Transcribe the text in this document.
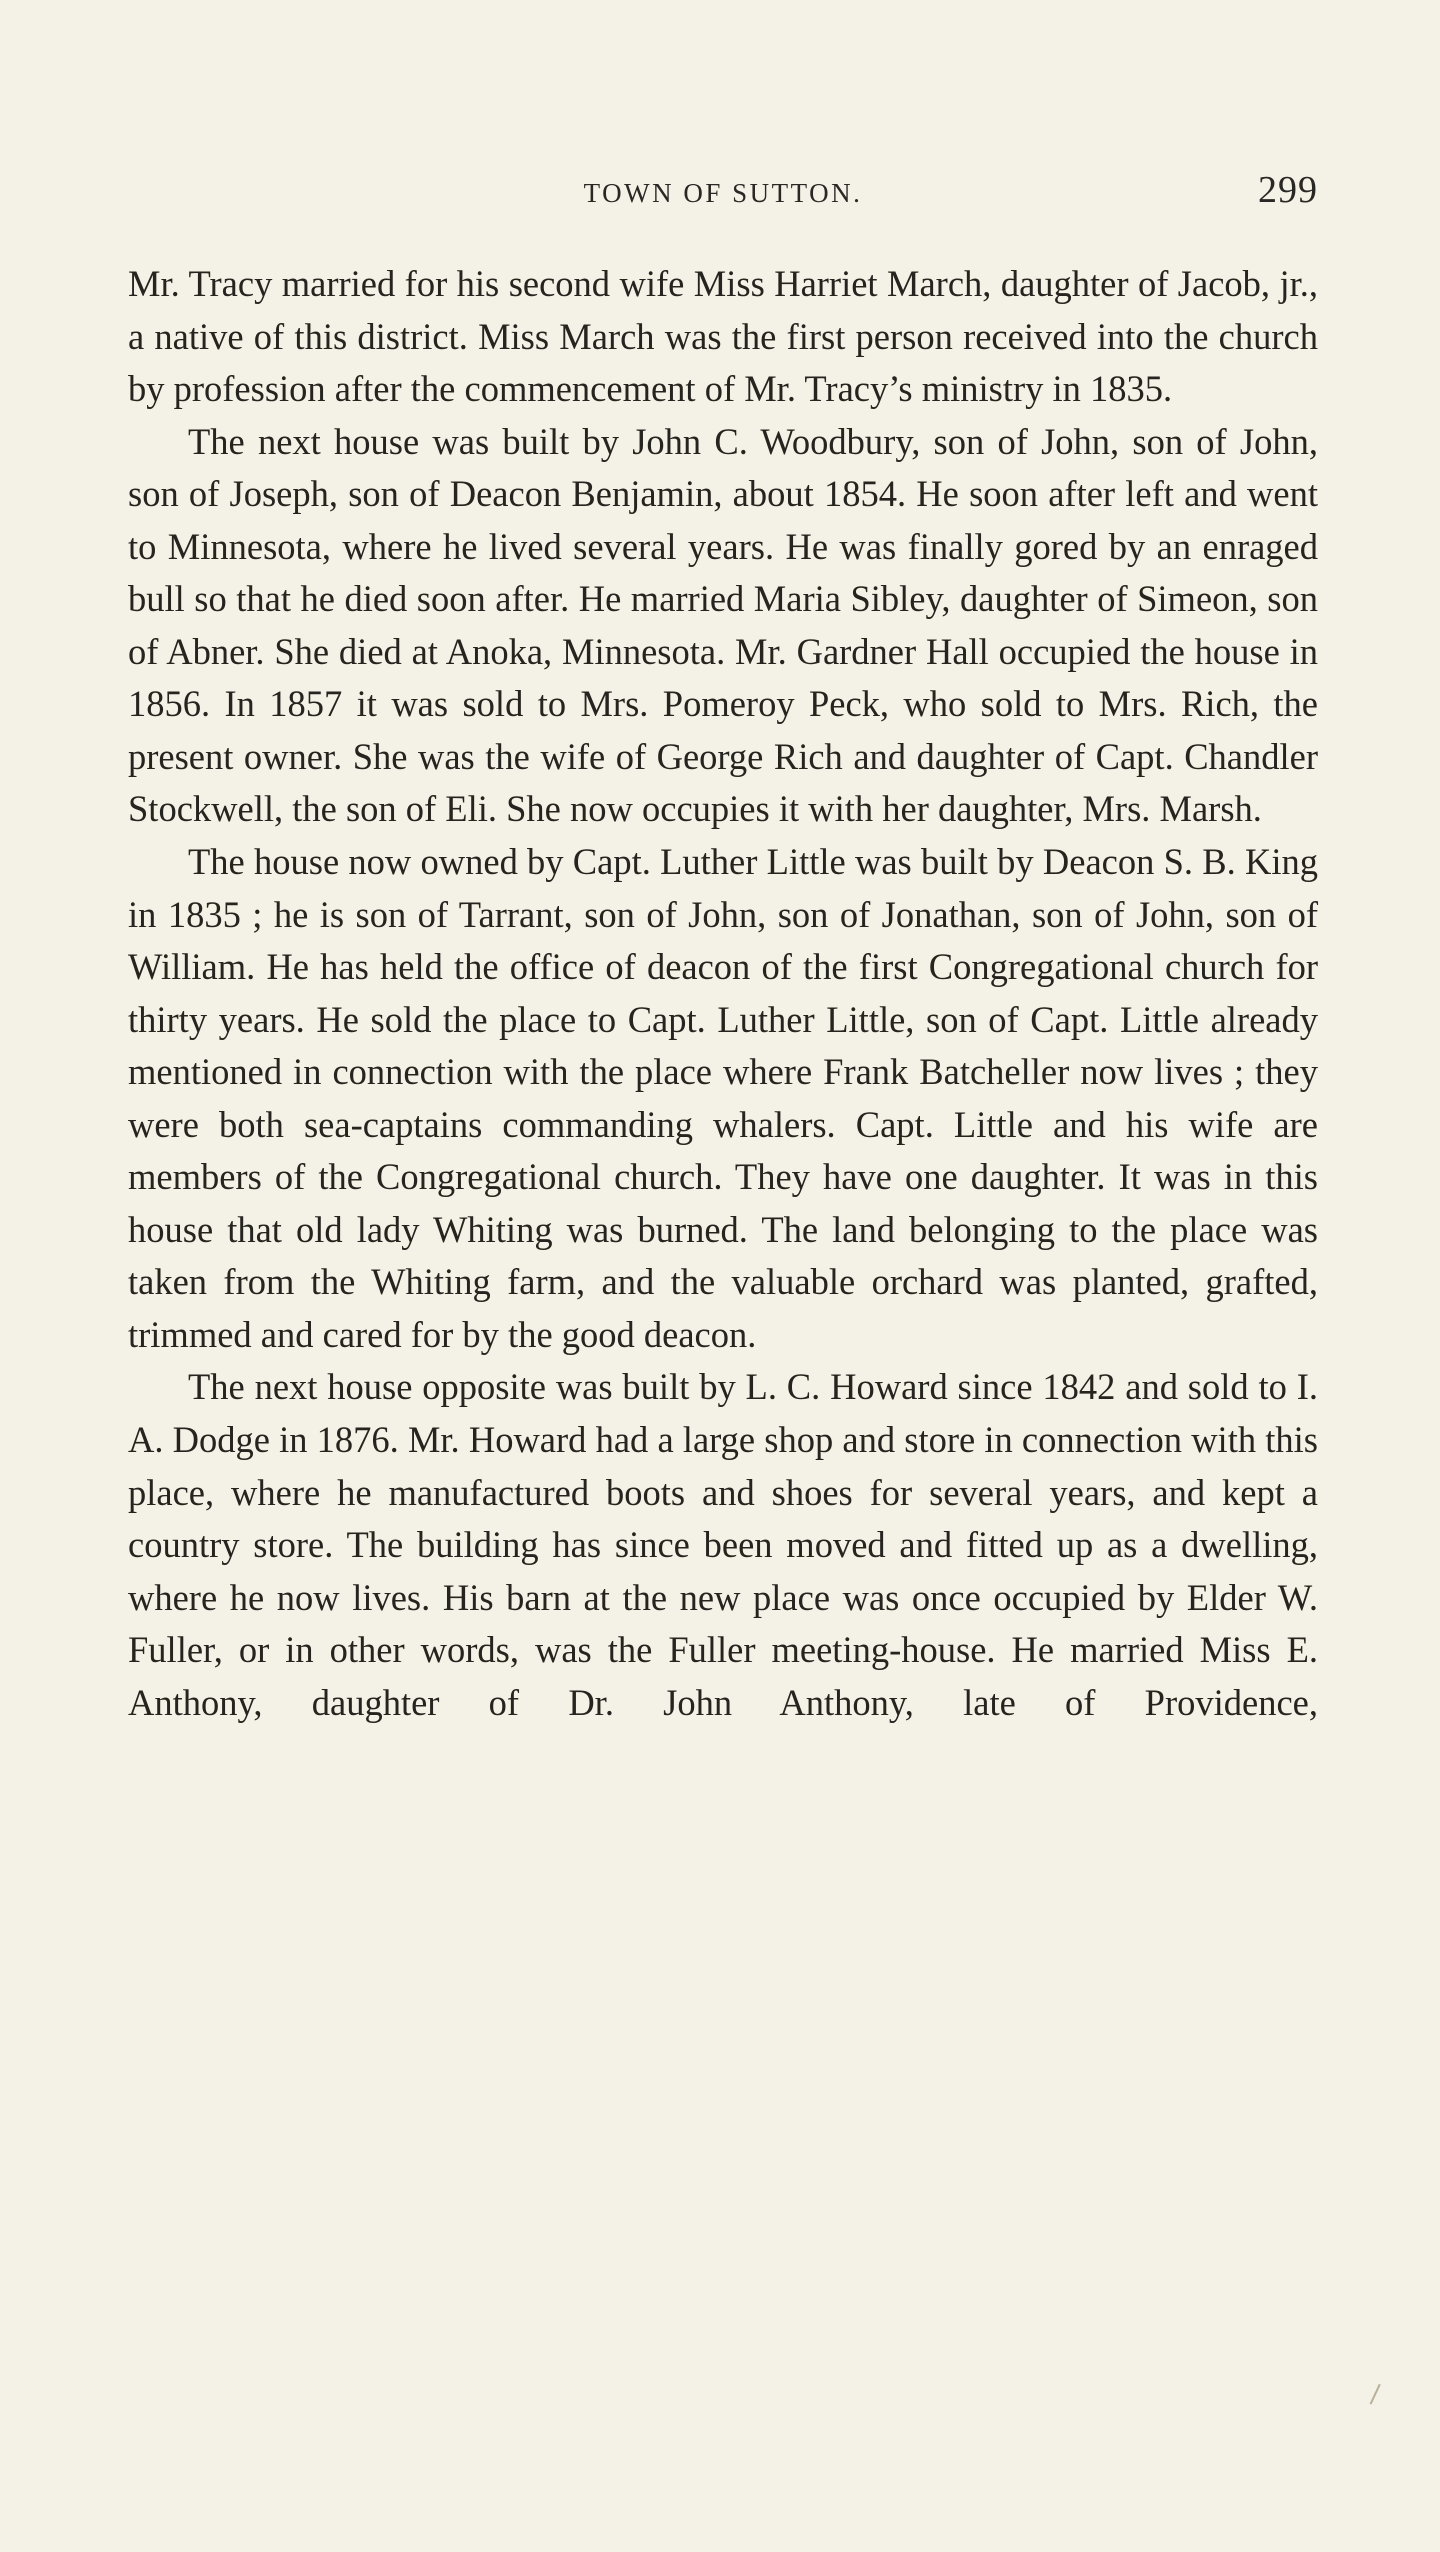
TOWN OF SUTTON.	299

Mr. Tracy married for his second wife Miss Harriet March, daughter of Jacob, jr., a native of this district. Miss March was the first person received into the church by profession after the commencement of Mr. Tracy’s ministry in 1835.

The next house was built by John C. Woodbury, son of John, son of John, son of Joseph, son of Deacon Benjamin, about 1854. He soon after left and went to Minnesota, where he lived several years. He was finally gored by an enraged bull so that he died soon after. He married Maria Sibley, daughter of Simeon, son of Abner. She died at Anoka, Minnesota. Mr. Gardner Hall occupied the house in 1856. In 1857 it was sold to Mrs. Pomeroy Peck, who sold to Mrs. Rich, the present owner. She was the wife of George Rich and daughter of Capt. Chandler Stockwell, the son of Eli. She now occupies it with her daughter, Mrs. Marsh.

The house now owned by Capt. Luther Little was built by Deacon S. B. King in 1835 ; he is son of Tarrant, son of John, son of Jonathan, son of John, son of William. He has held the office of deacon of the first Congregational church for thirty years. He sold the place to Capt. Luther Little, son of Capt. Little already mentioned in connection with the place where Frank Batcheller now lives ; they were both sea-captains commanding whalers. Capt. Little and his wife are members of the Congregational church. They have one daughter. It was in this house that old lady Whiting was burned. The land belonging to the place was taken from the Whiting farm, and the valuable orchard was planted, grafted, trimmed and cared for by the good deacon.

The next house opposite was built by L. C. Howard since 1842 and sold to I. A. Dodge in 1876. Mr. Howard had a large shop and store in connection with this place, where he manufactured boots and shoes for several years, and kept a country store. The building has since been moved and fitted up as a dwelling, where he now lives. His barn at the new place was once occupied by Elder W. Fuller, or in other words, was the Fuller meeting-house. He married Miss E. Anthony, daughter of Dr. John Anthony, late of Providence,
